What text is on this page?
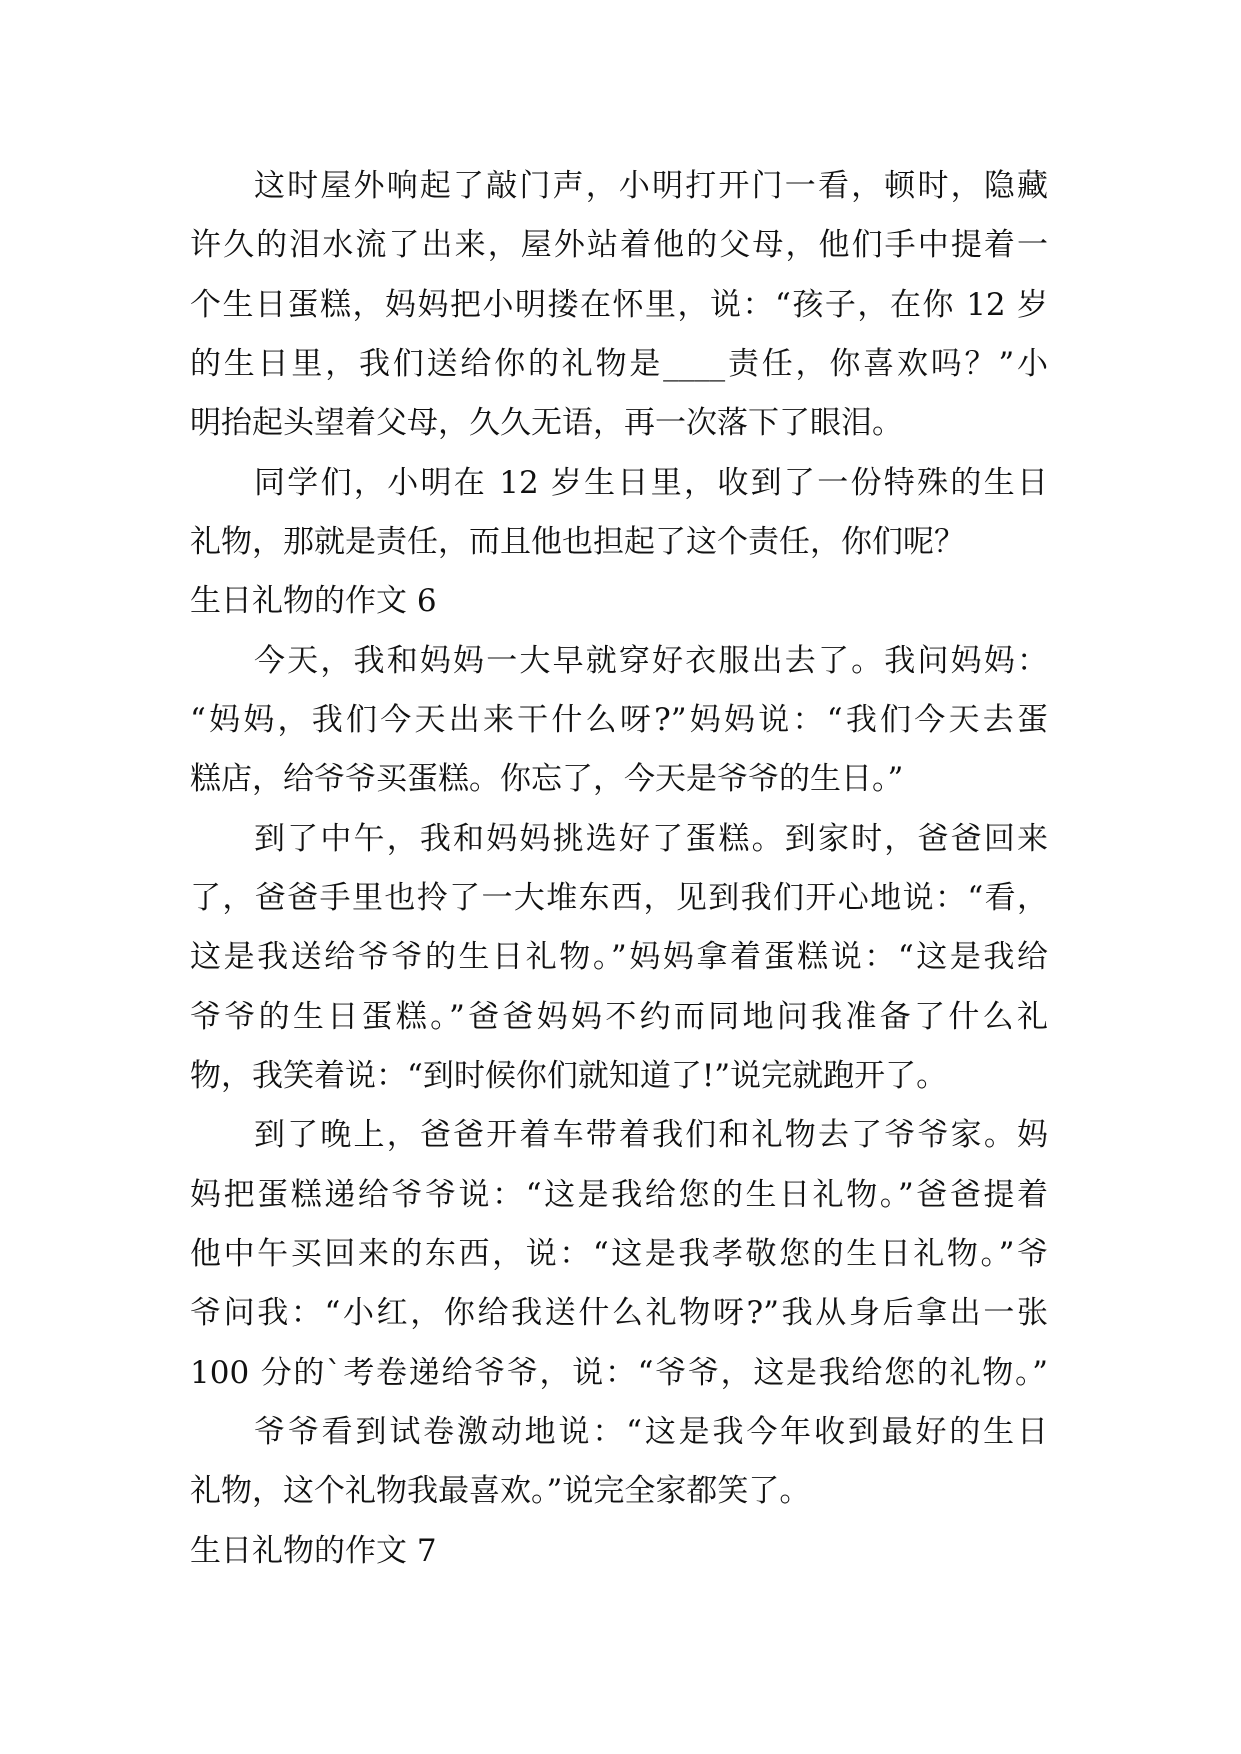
这时屋外响起了敲门声，小明打开门一看，顿时，隐藏
许久的泪水流了出来，屋外站着他的父母，他们手中提着一
个生日蛋糕，妈妈把小明搂在怀里，说：“孩子，在你 12 岁
的生日里，我们送给你的礼物是____责任，你喜欢吗？”小
明抬起头望着父母，久久无语，再一次落下了眼泪。
同学们，小明在 12 岁生日里，收到了一份特殊的生日
礼物，那就是责任，而且他也担起了这个责任，你们呢？
生日礼物的作文 6
今天，我和妈妈一大早就穿好衣服出去了。我问妈妈：
“妈妈，我们今天出来干什么呀?”妈妈说：“我们今天去蛋
糕店，给爷爷买蛋糕。你忘了，今天是爷爷的生日。”
到了中午，我和妈妈挑选好了蛋糕。到家时，爸爸回来
了，爸爸手里也拎了一大堆东西，见到我们开心地说：“看，
这是我送给爷爷的生日礼物。”妈妈拿着蛋糕说：“这是我给
爷爷的生日蛋糕。”爸爸妈妈不约而同地问我准备了什么礼
物，我笑着说：“到时候你们就知道了!”说完就跑开了。
到了晚上，爸爸开着车带着我们和礼物去了爷爷家。妈
妈把蛋糕递给爷爷说：“这是我给您的生日礼物。”爸爸提着
他中午买回来的东西，说：“这是我孝敬您的生日礼物。”爷
爷问我：“小红，你给我送什么礼物呀?”我从身后拿出一张
100 分的`考卷递给爷爷，说：“爷爷，这是我给您的礼物。”
爷爷看到试卷激动地说：“这是我今年收到最好的生日
礼物，这个礼物我最喜欢。”说完全家都笑了。
生日礼物的作文 7
